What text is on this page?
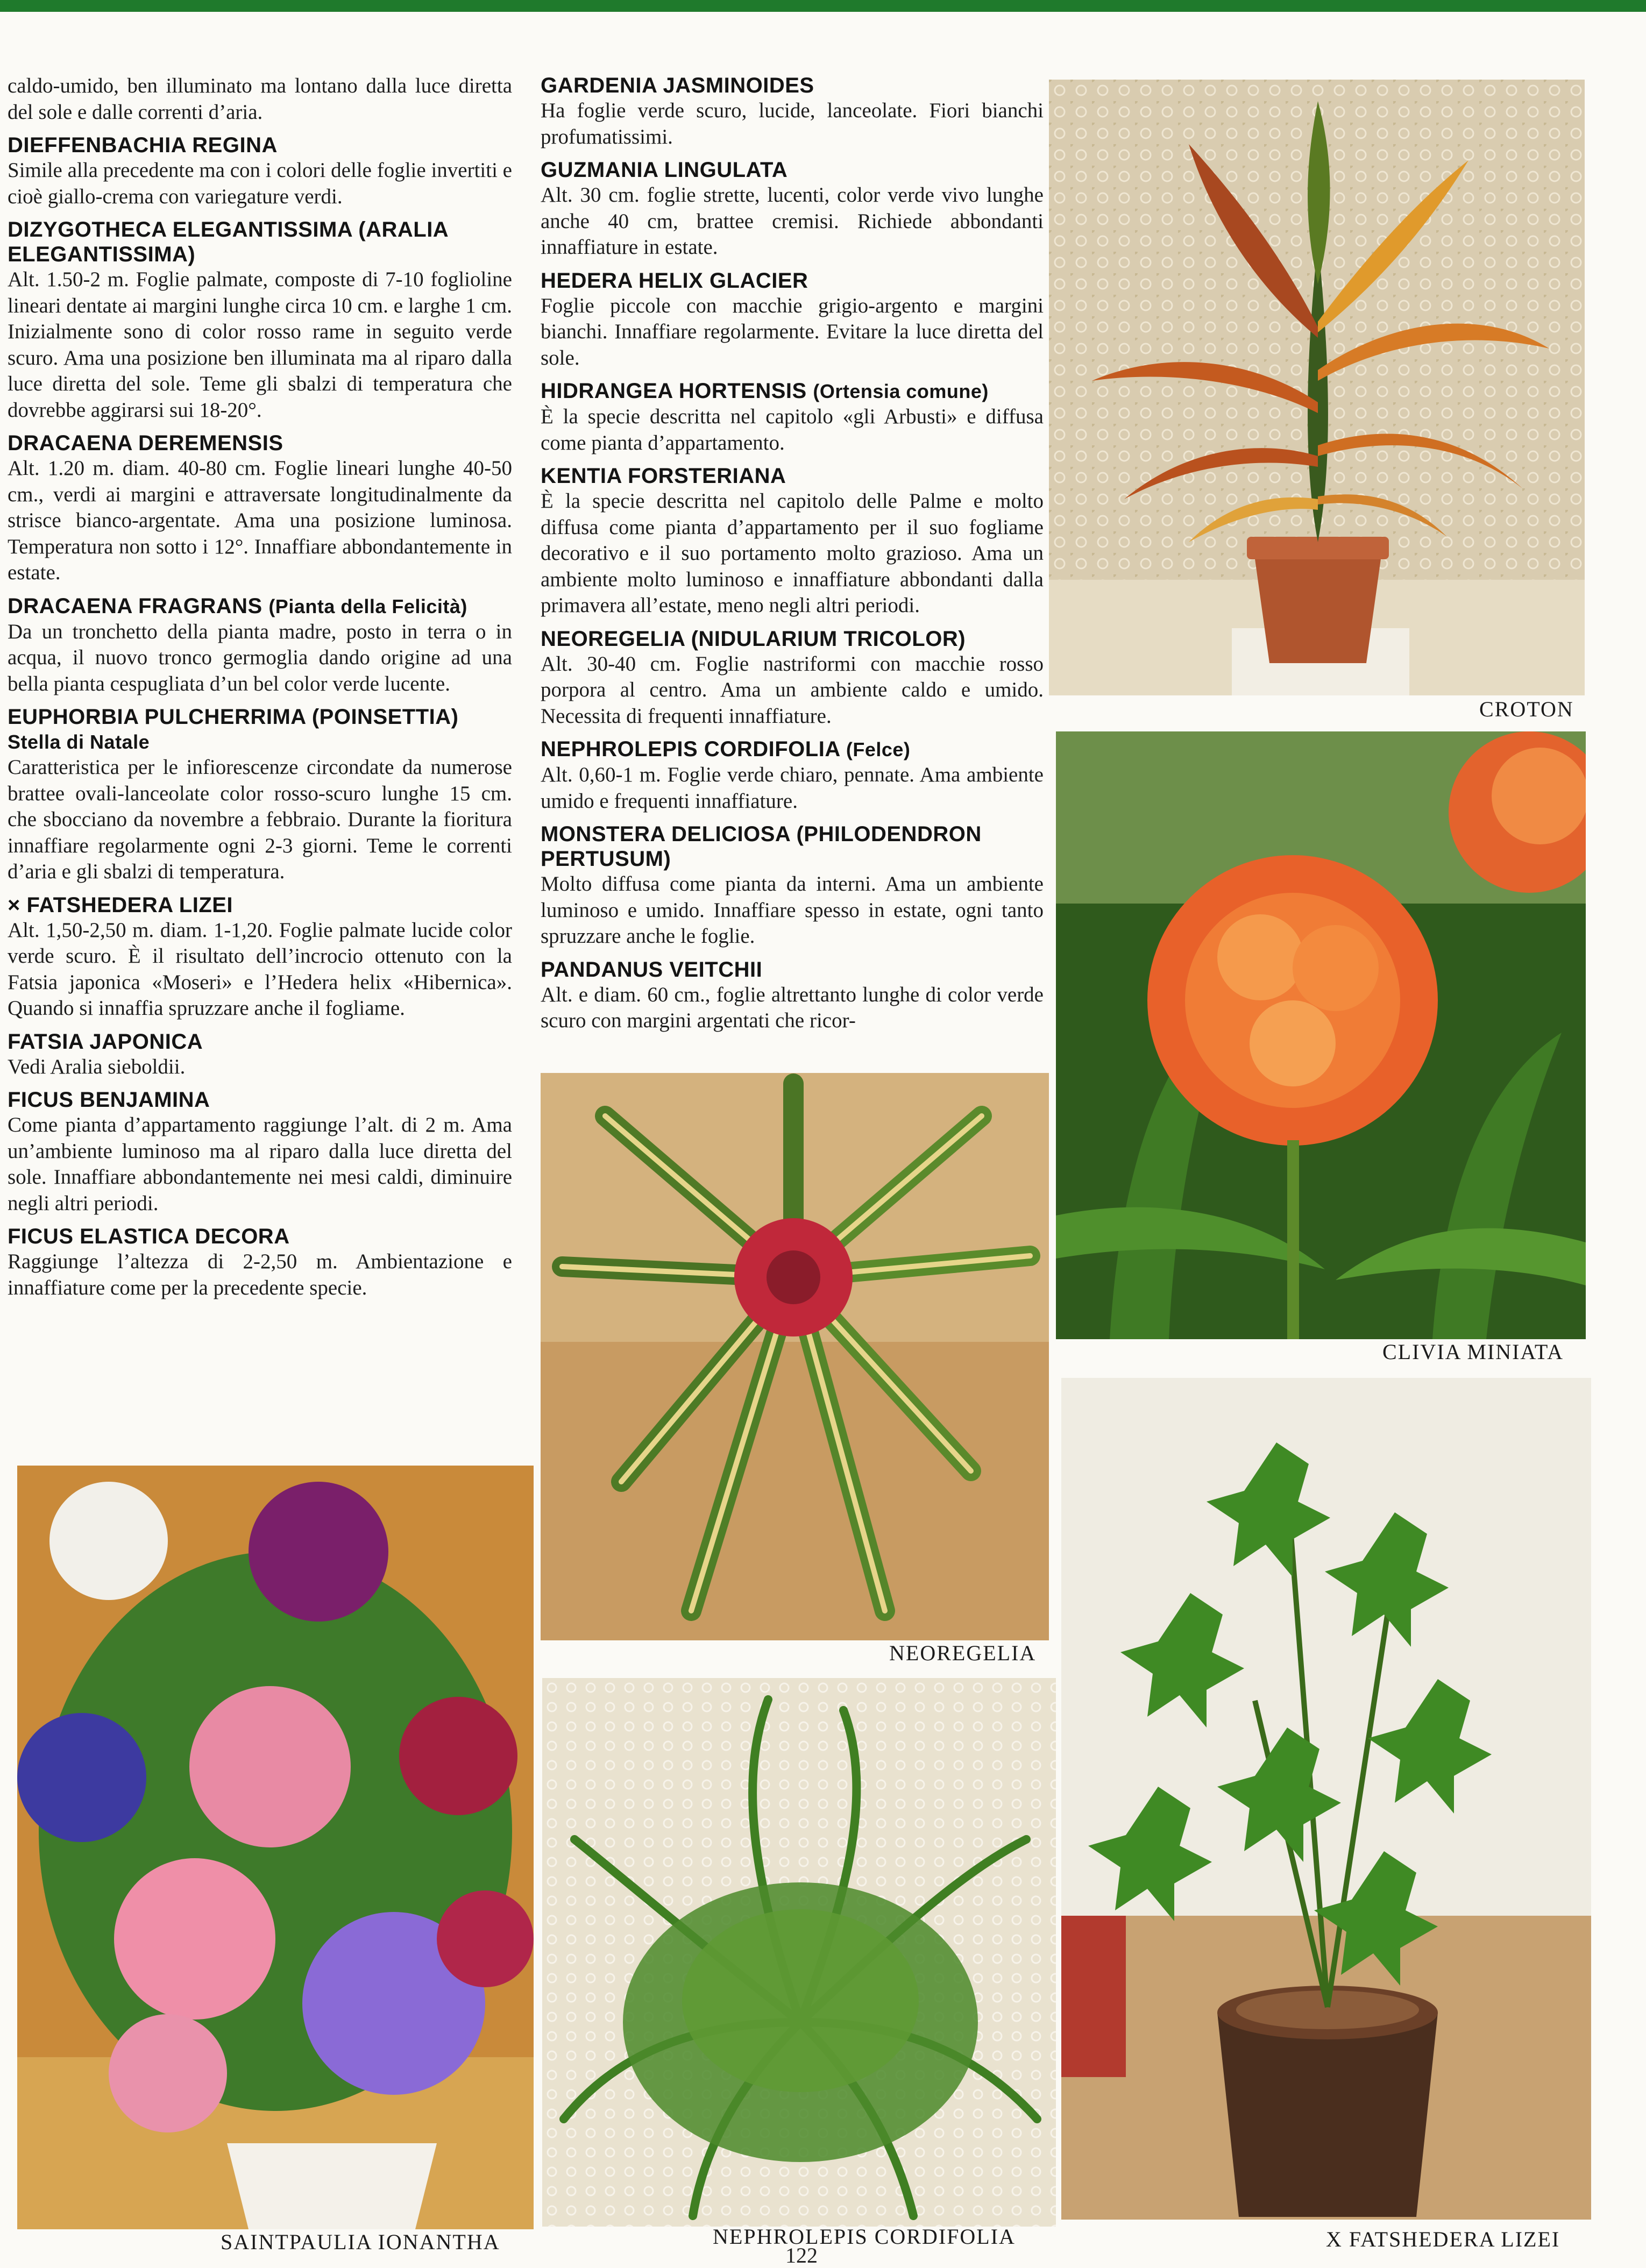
caldo-umido, ben illuminato ma lontano dalla luce diretta del sole e dalle correnti d’aria.
DIEFFENBACHIA REGINA
Simile alla precedente ma con i colori delle foglie invertiti e cioè giallo-crema con variegature verdi.
DIZYGOTHECA ELEGANTISSIMA (ARALIA ELEGANTISSIMA)
Alt. 1.50-2 m. Foglie palmate, composte di 7-10 foglioline lineari dentate ai margini lunghe circa 10 cm. e larghe 1 cm. Inizialmente sono di color rosso rame in seguito verde scuro. Ama una posizione ben illuminata ma al riparo dalla luce diretta del sole. Teme gli sbalzi di temperatura che dovrebbe aggirarsi sui 18-20°.
DRACAENA DEREMENSIS
Alt. 1.20 m. diam. 40-80 cm. Foglie lineari lunghe 40-50 cm., verdi ai margini e attraversate longitudinalmente da strisce bianco-argentate. Ama una posizione luminosa. Temperatura non sotto i 12°. Innaffiare abbondantemente in estate.
DRACAENA FRAGRANS (Pianta della Felicità)
Da un tronchetto della pianta madre, posto in terra o in acqua, il nuovo tronco germoglia dando origine ad una bella pianta cespugliata d’un bel color verde lucente.
EUPHORBIA PULCHERRIMA (POINSETTIA) Stella di Natale
Caratteristica per le infiorescenze circondate da numerose brattee ovali-lanceolate color rosso-scuro lunghe 15 cm. che sbocciano da novembre a febbraio. Durante la fioritura innaffiare regolarmente ogni 2-3 giorni. Teme le correnti d’aria e gli sbalzi di temperatura.
× FATSHEDERA LIZEI
Alt. 1,50-2,50 m. diam. 1-1,20. Foglie palmate lucide color verde scuro. È il risultato dell’incrocio ottenuto con la Fatsia japonica «Moseri» e l’Hedera helix «Hibernica». Quando si innaffia spruzzare anche il fogliame.
FATSIA JAPONICA
Vedi Aralia sieboldii.
FICUS BENJAMINA
Come pianta d’appartamento raggiunge l’alt. di 2 m. Ama un’ambiente luminoso ma al riparo dalla luce diretta del sole. Innaffiare abbondantemente nei mesi caldi, diminuire negli altri periodi.
FICUS ELASTICA DECORA
Raggiunge l’altezza di 2-2,50 m. Ambientazione e innaffiature come per la precedente specie.
GARDENIA JASMINOIDES
Ha foglie verde scuro, lucide, lanceolate. Fiori bianchi profumatissimi.
GUZMANIA LINGULATA
Alt. 30 cm. foglie strette, lucenti, color verde vivo lunghe anche 40 cm, brattee cremisi. Richiede abbondanti innaffiature in estate.
HEDERA HELIX GLACIER
Foglie piccole con macchie grigio-argento e margini bianchi. Innaffiare regolarmente. Evitare la luce diretta del sole.
HIDRANGEA HORTENSIS (Ortensia comune)
È la specie descritta nel capitolo «gli Arbusti» e diffusa come pianta d’appartamento.
KENTIA FORSTERIANA
È la specie descritta nel capitolo delle Palme e molto diffusa come pianta d’appartamento per il suo fogliame decorativo e il suo portamento molto grazioso. Ama un ambiente molto luminoso e innaffiature abbondanti dalla primavera all’estate, meno negli altri periodi.
NEOREGELIA (NIDULARIUM TRICOLOR)
Alt. 30-40 cm. Foglie nastriformi con macchie rosso porpora al centro. Ama un ambiente caldo e umido. Necessita di frequenti innaffiature.
NEPHROLEPIS CORDIFOLIA (Felce)
Alt. 0,60-1 m. Foglie verde chiaro, pennate. Ama ambiente umido e frequenti innaffiature.
MONSTERA DELICIOSA (PHILODENDRON PERTUSUM)
Molto diffusa come pianta da interni. Ama un ambiente luminoso e umido. Innaffiare spesso in estate, ogni tanto spruzzare anche le foglie.
PANDANUS VEITCHII
Alt. e diam. 60 cm., foglie altrettanto lunghe di color verde scuro con margini argentati che ricor-
CROTON
CLIVIA MINIATA
NEOREGELIA
X FATSHEDERA LIZEI
SAINTPAULIA IONANTHA	NEPHROLEPIS CORDIFOLIA
122
